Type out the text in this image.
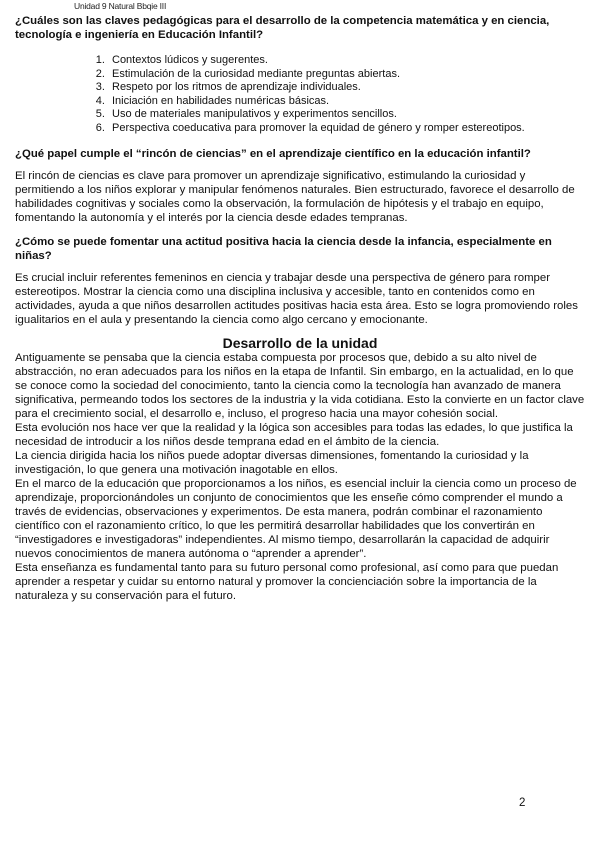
Unidad 9 Natural Bbqie III

¿Cuáles son las claves pedagógicas para el desarrollo de la competencia matemática y en ciencia, tecnología e ingeniería en Educación Infantil?

1. Contextos lúdicos y sugerentes.
2. Estimulación de la curiosidad mediante preguntas abiertas.
3. Respeto por los ritmos de aprendizaje individuales.
4. Iniciación en habilidades numéricas básicas.
5. Uso de materiales manipulativos y experimentos sencillos.
6. Perspectiva coeducativa para promover la equidad de género y romper estereotipos.

¿Qué papel cumple el “rincón de ciencias” en el aprendizaje científico en la educación infantil?

El rincón de ciencias es clave para promover un aprendizaje significativo, estimulando la curiosidad y permitiendo a los niños explorar y manipular fenómenos naturales. Bien estructurado, favorece el desarrollo de habilidades cognitivas y sociales como la observación, la formulación de hipótesis y el trabajo en equipo, fomentando la autonomía y el interés por la ciencia desde edades tempranas.

¿Cómo se puede fomentar una actitud positiva hacia la ciencia desde la infancia, especialmente en niñas?

Es crucial incluir referentes femeninos en ciencia y trabajar desde una perspectiva de género para romper estereotipos. Mostrar la ciencia como una disciplina inclusiva y accesible, tanto en contenidos como en actividades, ayuda a que niños desarrollen actitudes positivas hacia esta área. Esto se logra promoviendo roles igualitarios en el aula y presentando la ciencia como algo cercano y emocionante.

Desarrollo de la unidad

Antiguamente se pensaba que la ciencia estaba compuesta por procesos que, debido a su alto nivel de abstracción, no eran adecuados para los niños en la etapa de Infantil. Sin embargo, en la actualidad, en lo que se conoce como la sociedad del conocimiento, tanto la ciencia como la tecnología han avanzado de manera significativa, permeando todos los sectores de la industria y la vida cotidiana. Esto la convierte en un factor clave para el crecimiento social, el desarrollo e, incluso, el progreso hacia una mayor cohesión social.

Esta evolución nos hace ver que la realidad y la lógica son accesibles para todas las edades, lo que justifica la necesidad de introducir a los niños desde temprana edad en el ámbito de la ciencia.

La ciencia dirigida hacia los niños puede adoptar diversas dimensiones, fomentando la curiosidad y la investigación, lo que genera una motivación inagotable en ellos.

En el marco de la educación que proporcionamos a los niños, es esencial incluir la ciencia como un proceso de aprendizaje, proporcionándoles un conjunto de conocimientos que les enseñe cómo comprender el mundo a través de evidencias, observaciones y experimentos. De esta manera, podrán combinar el razonamiento científico con el razonamiento crítico, lo que les permitirá desarrollar habilidades que los convertirán en “investigadores e investigadoras” independientes. Al mismo tiempo, desarrollarán la capacidad de adquirir nuevos conocimientos de manera autónoma o “aprender a aprender”.

Esta enseñanza es fundamental tanto para su futuro personal como profesional, así como para que puedan aprender a respetar y cuidar su entorno natural y promover la concienciación sobre la importancia de la naturaleza y su conservación para el futuro.

2
